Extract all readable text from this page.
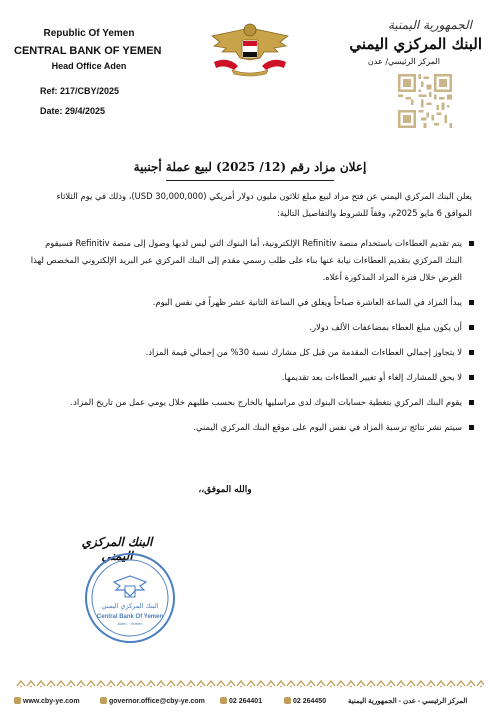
Republic Of Yemen
CENTRAL BANK OF YEMEN
Head Office Aden
Ref: 217/CBY/2025
Date: 29/4/2025
الجمهورية اليمنية
البنك المركزي اليمني
المركز الرئيسي/ عدن
إعلان مزاد رقم (12/ 2025) لبيع عملة أجنبية
يعلن البنك المركزي اليمني عن فتح مزاد لبيع مبلغ ثلاثون مليون دولار أمريكي (30,000,000 USD)، وذلك في يوم الثلاثاء الموافق 6 مايو 2025م، وفقاً للشروط والتفاصيل التالية:
يتم تقديم العطاءات باستخدام منصة Refinitiv الإلكترونية، أما البنوك التي ليس لديها وصول إلى منصة Refinitiv فسيقوم البنك المركزي بتقديم العطاءات نيابة عنها بناء على طلب رسمي مقدم إلى البنك المركزي عبر البريد الإلكتروني المخصص لهذا الغرض خلال فترة المزاد المذكورة أعلاه.
يبدأ المزاد في الساعة العاشرة صباحاً ويغلق في الساعة الثانية عشر ظهراً في نفس اليوم.
أن يكون مبلغ العطاء بمضاعفات الألف دولار.
لا يتجاوز إجمالي العطاءات المقدمة من قبل كل مشارك نسبة 30% من إجمالي قيمة المزاد.
لا يحق للمشارك إلغاء أو تغيير العطاءات بعد تقديمها.
يقوم البنك المركزي بتغطية حسابات البنوك لدى مراسليها بالخارج بحسب طلبهم خلال يومي عمل من تاريخ المزاد.
سيتم نشر نتائج ترسية المزاد في نفس اليوم على موقع البنك المركزي اليمني.
والله الموفق،،
البنك المركزي اليمني
البنك المركزي اليمني
Central Bank Of Yemen
Aden · Yemen
www.cby-ye.com	governor.office@cby-ye.com	02 264401	02 264450	المركز الرئيسي - عدن - الجمهورية اليمنية
